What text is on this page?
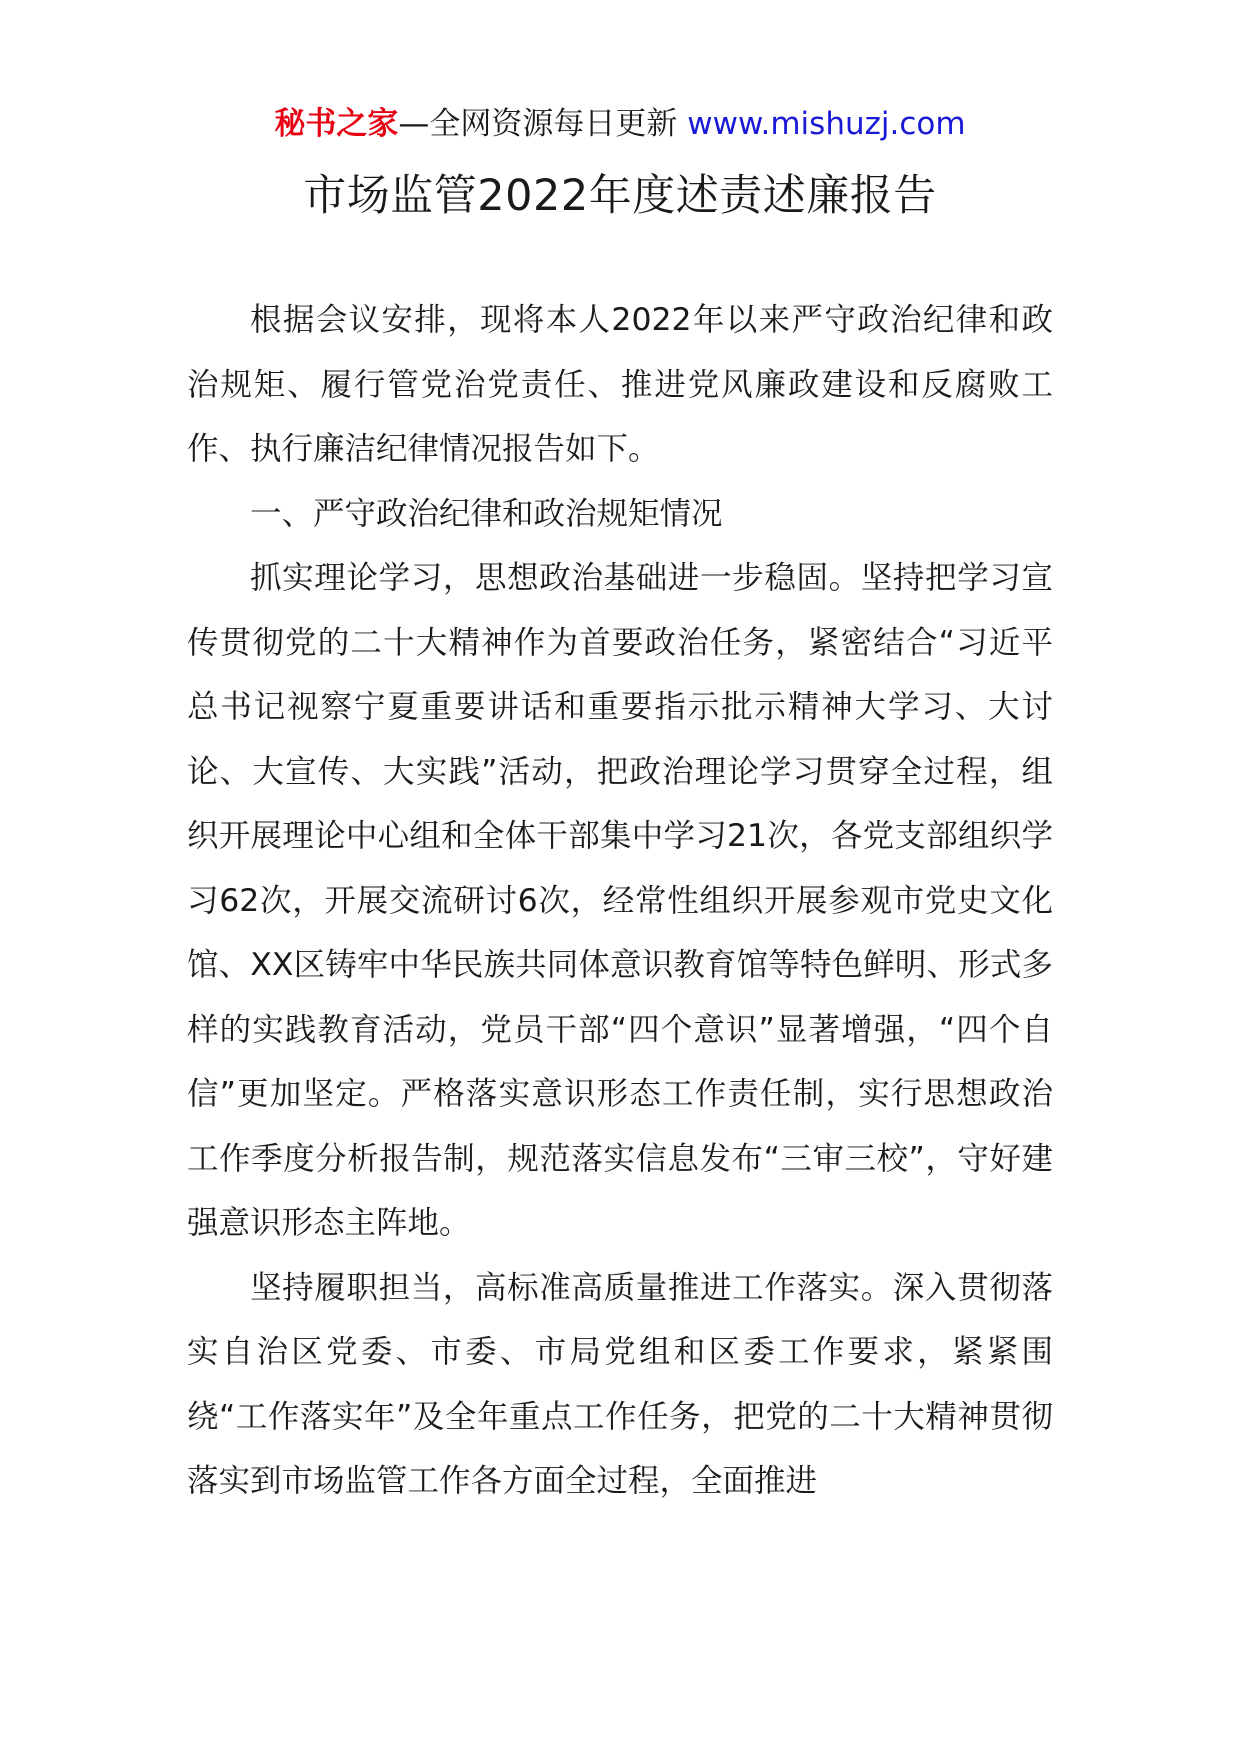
秘书之家—全网资源每日更新 www.mishuzj.com
市场监管2022年度述责述廉报告

根据会议安排，现将本人2022年以来严守政治纪律和政治规矩、履行管党治党责任、推进党风廉政建设和反腐败工作、执行廉洁纪律情况报告如下。

一、严守政治纪律和政治规矩情况

抓实理论学习，思想政治基础进一步稳固。坚持把学习宣传贯彻党的二十大精神作为首要政治任务，紧密结合“习近平总书记视察宁夏重要讲话和重要指示批示精神大学习、大讨论、大宣传、大实践”活动，把政治理论学习贯穿全过程，组织开展理论中心组和全体干部集中学习21次，各党支部组织学习62次，开展交流研讨6次，经常性组织开展参观市党史文化馆、XX区铸牢中华民族共同体意识教育馆等特色鲜明、形式多样的实践教育活动，党员干部“四个意识”显著增强，“四个自信”更加坚定。严格落实意识形态工作责任制，实行思想政治工作季度分析报告制，规范落实信息发布“三审三校”，守好建强意识形态主阵地。

坚持履职担当，高标准高质量推进工作落实。深入贯彻落实自治区党委、市委、市局党组和区委工作要求，紧紧围绕“工作落实年”及全年重点工作任务，把党的二十大精神贯彻落实到市场监管工作各方面全过程，全面推进
